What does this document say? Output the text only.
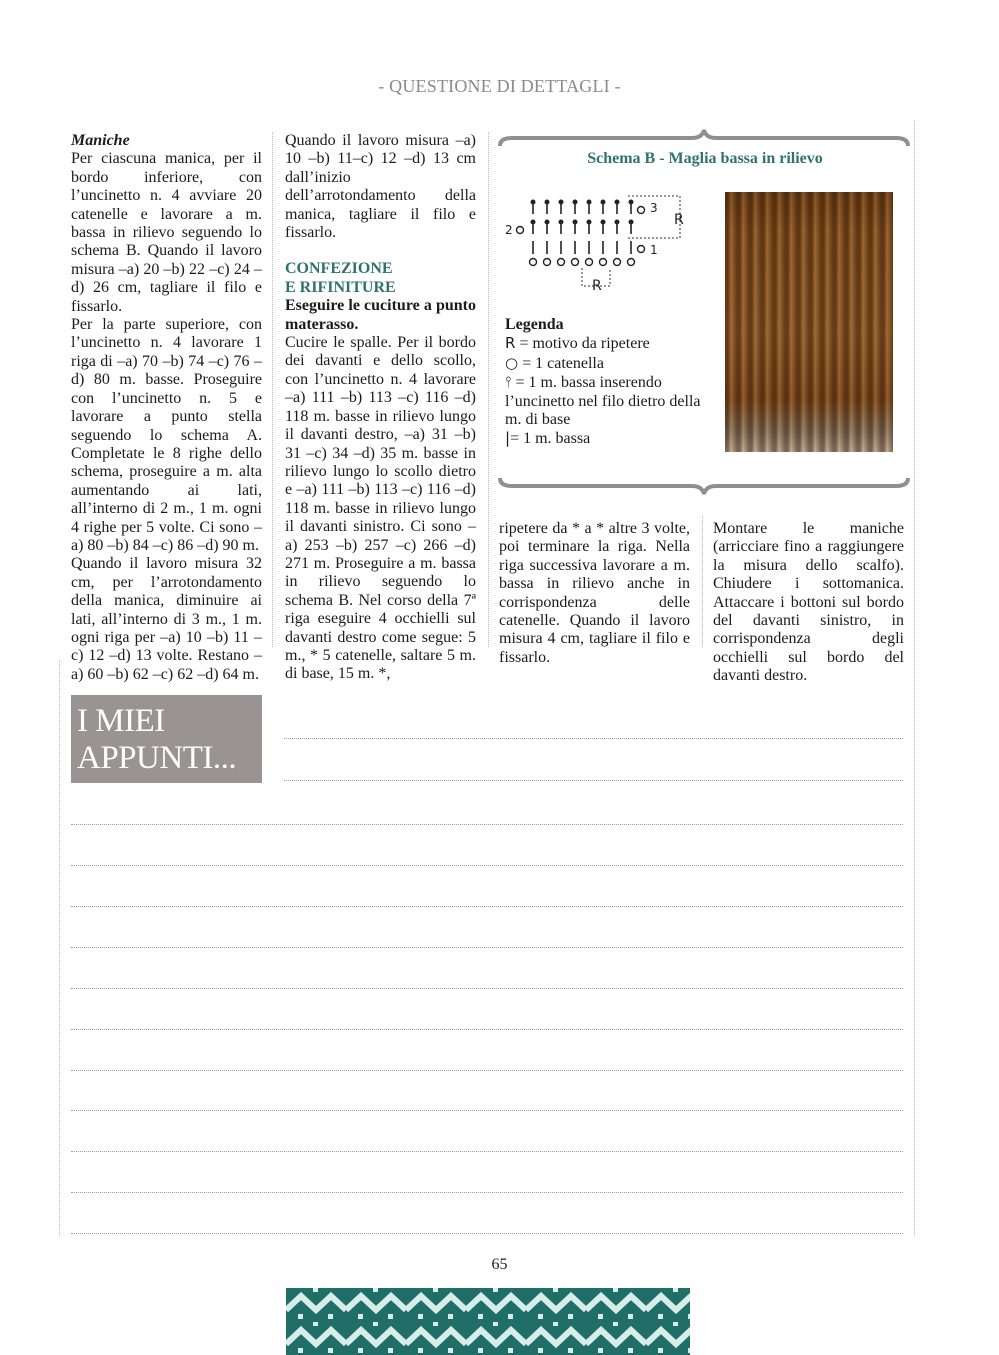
- QUESTIONE DI DETTAGLI -

Maniche

Per ciascuna manica, per il bordo inferiore, con l’uncinetto n. 4 avviare 20 catenelle e lavorare a m. bassa in rilievo seguendo lo schema B. Quando il lavoro misura –a) 20 –b) 22 –c) 24 –d) 26 cm, tagliare il filo e fissarlo.

Per la parte superiore, con l’uncinetto n. 4 lavorare 1 riga di –a) 70 –b) 74 –c) 76 –d) 80 m. basse. Proseguire con l’uncinetto n. 5 e lavorare a punto stella seguendo lo schema A. Completate le 8 righe dello schema, proseguire a m. alta aumentando ai lati, all’interno di 2 m., 1 m. ogni 4 righe per 5 volte. Ci sono –a) 80 –b) 84 –c) 86 –d) 90 m.

Quando il lavoro misura 32 cm, per l’arrotondamento della manica, diminuire ai lati, all’interno di 3 m., 1 m. ogni riga per –a) 10 –b) 11 –c) 12 –d) 13 volte. Restano –a) 60 –b) 62 –c) 62 –d) 64 m.

Quando il lavoro misura –a) 10 –b) 11–c) 12 –d) 13 cm dall’inizio dell’arrotondamento della manica, tagliare il filo e fissarlo.

CONFEZIONE

E RIFINITURE

Eseguire le cuciture a punto materasso.

Cucire le spalle. Per il bordo dei davanti e dello scollo, con l’uncinetto n. 4 lavorare –a) 111 –b) 113 –c) 116 –d) 118 m. basse in rilievo lungo il davanti destro, –a) 31 –b) 31 –c) 34 –d) 35 m. basse in rilievo lungo lo scollo dietro e –a) 111 –b) 113 –c) 116 –d) 118 m. basse in rilievo lungo il davanti sinistro. Ci sono –a) 253 –b) 257 –c) 266 –d) 271 m. Proseguire a m. bassa in rilievo seguendo lo schema B. Nel corso della 7ª riga eseguire 4 occhielli sul davanti destro come segue: 5 m., * 5 catenelle, saltare 5 m. di base, 15 m. *,

Schema B - Maglia bassa in rilievo
2
3
1
R
R

Legenda

R = motivo da ripetere

○ = 1 catenella

⫯ = 1 m. bassa inserendo l’uncinetto nel filo dietro della m. di base

|= 1 m. bassa

ripetere da * a * altre 3 volte, poi terminare la riga. Nella riga successiva lavorare a m. bassa in rilievo anche in corrispondenza delle catenelle. Quando il lavoro misura 4 cm, tagliare il filo e fissarlo.

Montare le maniche (arricciare fino a raggiungere la misura dello scalfo). Chiudere i sottomanica. Attaccare i bottoni sul bordo del davanti sinistro, in corrispondenza degli occhielli sul bordo del davanti destro.

I MIEI
APPUNTI...
65
